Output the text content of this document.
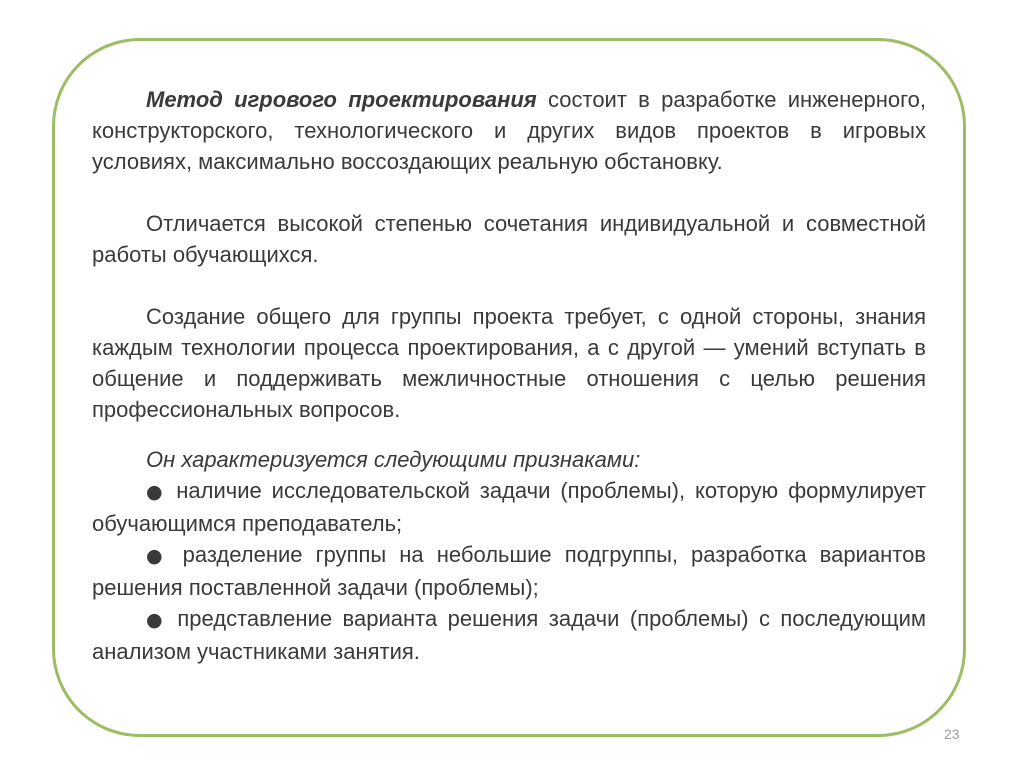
Метод игрового проектирования состоит в разработке инженерного, конструкторского, технологического и других видов проектов в игровых условиях, максимально воссоздающих реальную обстановку.

Отличается высокой степенью сочетания индивидуальной и совместной работы обучающихся.

Создание общего для группы проекта требует, с одной стороны, знания каждым технологии процесса проектирования, а с другой — умений вступать в общение и поддерживать межличностные отношения с целью решения профессиональных вопросов.

Он характеризуется следующими признаками:

● наличие исследовательской задачи (проблемы), которую формулирует обучающимся преподаватель;

● разделение группы на небольшие подгруппы, разработка вариантов решения поставленной задачи (проблемы);

● представление варианта решения задачи (проблемы) с последующим анализом участниками занятия.

23
